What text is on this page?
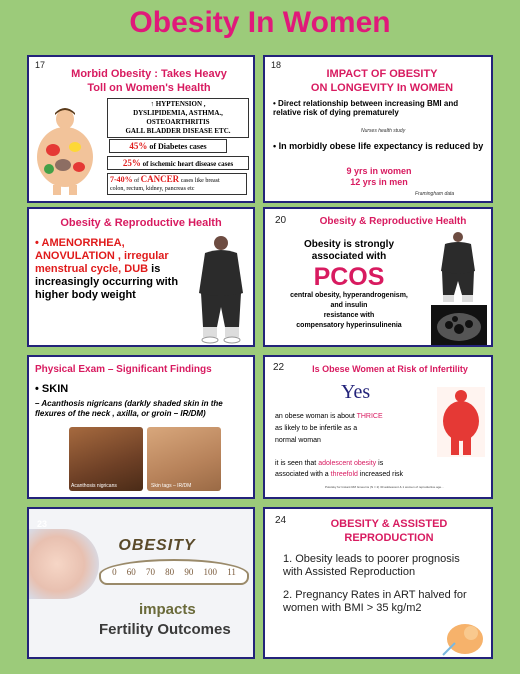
Obesity In Women
17
Morbid Obesity : Takes Heavy
Toll on Women's Health
↑ HYPTENSION ,
DYSLIPIDEMIA, ASTHMA.,
OSTEOARTHRITIS
GALL BLADDER DISEASE ETC.
45% of Diabetes cases
25% of ischemic heart disease cases
7-40% of CANCER cases like breast
colon, rectum, kidney, pancreas etc
18
IMPACT OF OBESITY
ON LONGEVITY In WOMEN
• Direct relationship between increasing BMI and relative risk of dying prematurely
Nurses health study
• In morbidly obese life expectancy is reduced by
9 yrs in women
12 yrs in men
Framingham data
Obesity & Reproductive Health
• AMENORRHEA, ANOVULATION , irregular menstrual cycle, DUB is increasingly occurring with higher body weight
20	Obesity & Reproductive Health
Obesity is strongly
associated with
PCOS
central obesity, hyperandrogenism,
and insulin
resistance with
compensatory hyperinsulinenia
Physical Exam – Significant Findings
• SKIN
– Acanthosis nigricans (darkly shaded skin in the flexures of the neck , axilla, or groin – IR/DM)
Acanthosis nigricans	Skin tags – IR/DM
22	Is Obese Women at Risk of Infertility
Yes
an obese woman is about THRICE
as likely to be infertile as a
normal woman
it is seen that adolescent obesity is
associated with a threefold increased risk
Polotsky for Instant RM Gmeurns (N = 2) 30 adolescent & 1 women of reproductive age...
23
OBESITY
0 60 70 80 90 100 11
impacts
Fertility Outcomes
24	OBESITY & ASSISTED
REPRODUCTION
1. Obesity leads to poorer prognosis with Assisted Reproduction
2. Pregnancy Rates in ART halved for women with BMI > 35 kg/m2
